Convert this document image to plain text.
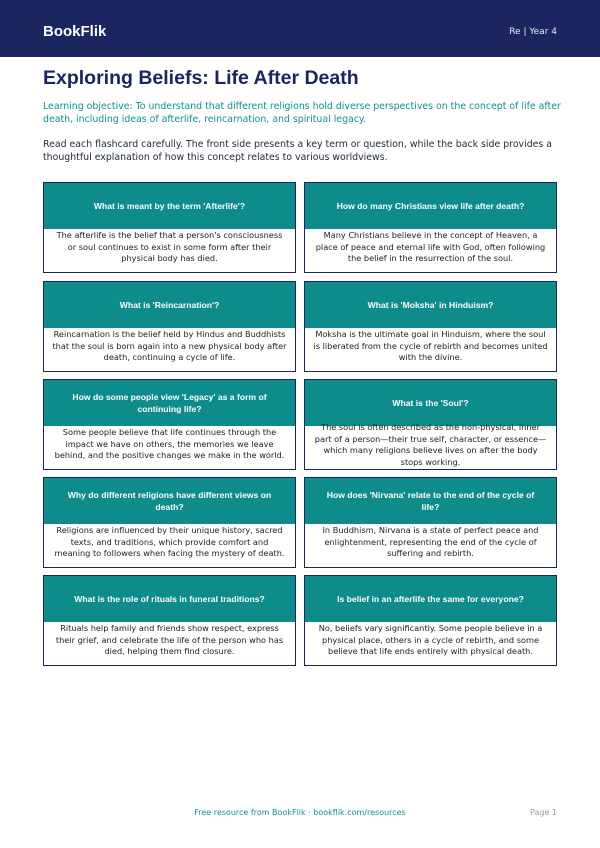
BookFlik	Re | Year 4
Exploring Beliefs: Life After Death

Learning objective: To understand that different religions hold diverse perspectives on the concept of life after death, including ideas of afterlife, reincarnation, and spiritual legacy.

Read each flashcard carefully. The front side presents a key term or question, while the back side provides a thoughtful explanation of how this concept relates to various worldviews.

What is meant by the term 'Afterlife'?
The afterlife is the belief that a person's consciousness or soul continues to exist in some form after their physical body has died.
How do many Christians view life after death?
Many Christians believe in the concept of Heaven, a place of peace and eternal life with God, often following the belief in the resurrection of the soul.
What is 'Reincarnation'?
Reincarnation is the belief held by Hindus and Buddhists that the soul is born again into a new physical body after death, continuing a cycle of life.
What is 'Moksha' in Hinduism?
Moksha is the ultimate goal in Hinduism, where the soul is liberated from the cycle of rebirth and becomes united with the divine.
How do some people view 'Legacy' as a form of continuing life?
Some people believe that life continues through the impact we have on others, the memories we leave behind, and the positive changes we make in the world.
What is the 'Soul'?
The soul is often described as the non-physical, inner part of a person—their true self, character, or essence—which many religions believe lives on after the body stops working.
Why do different religions have different views on death?
Religions are influenced by their unique history, sacred texts, and traditions, which provide comfort and meaning to followers when facing the mystery of death.
How does 'Nirvana' relate to the end of the cycle of life?
In Buddhism, Nirvana is a state of perfect peace and enlightenment, representing the end of the cycle of suffering and rebirth.
What is the role of rituals in funeral traditions?
Rituals help family and friends show respect, express their grief, and celebrate the life of the person who has died, helping them find closure.
Is belief in an afterlife the same for everyone?
No, beliefs vary significantly. Some people believe in a physical place, others in a cycle of rebirth, and some believe that life ends entirely with physical death.
Free resource from BookFlik · bookflik.com/resources	Page 1
